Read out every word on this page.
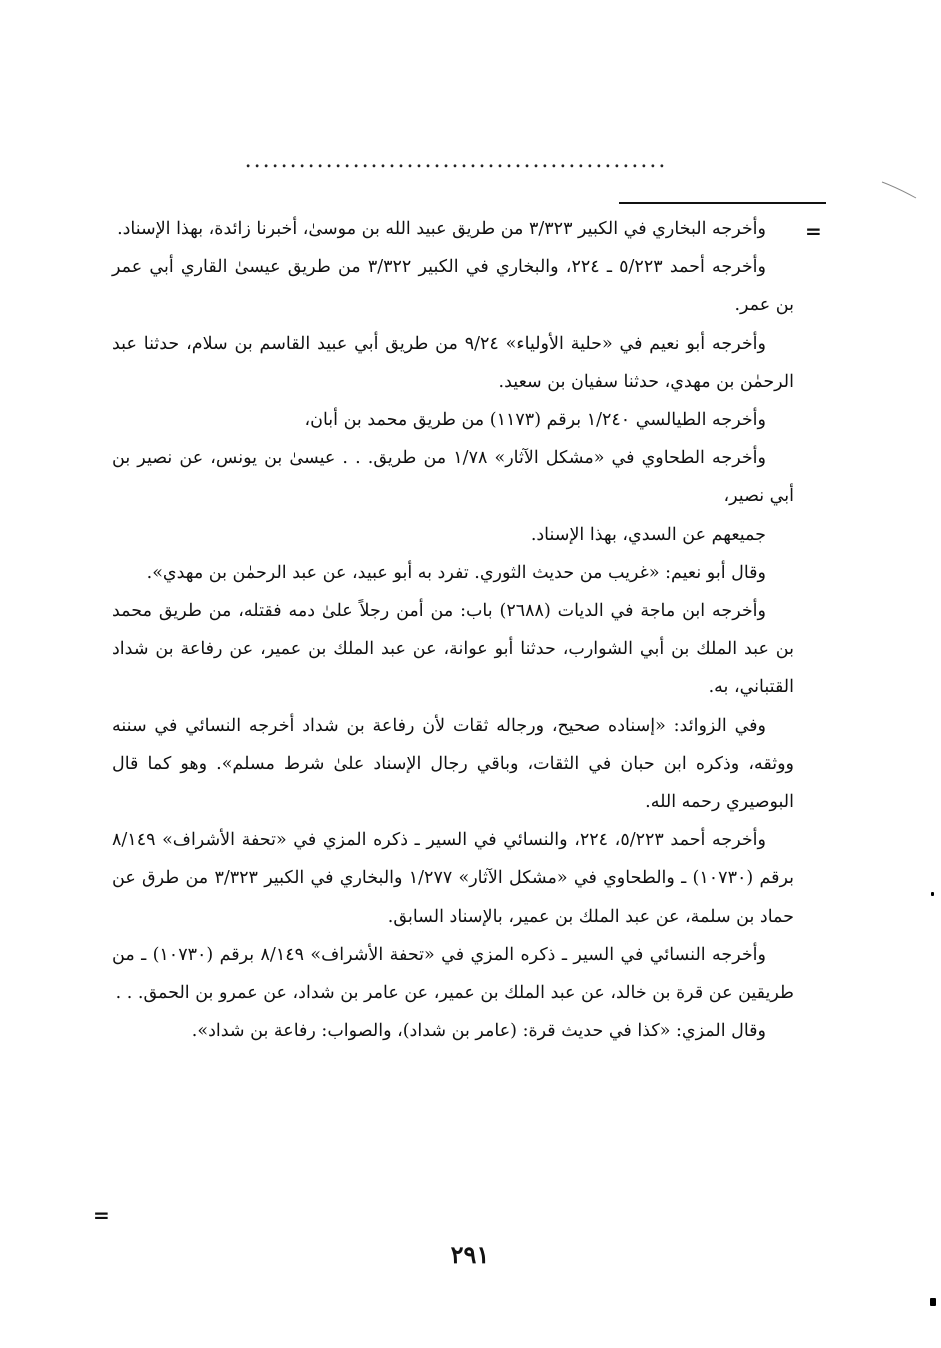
...............................................
=

وأخرجه البخاري في الكبير ٣/٣٢٣ من طريق عبيد الله بن موسىٰ، أخبرنا زائدة، بهذا الإسناد.

وأخرجه أحمد ٥/٢٢٣ ـ ٢٢٤، والبخاري في الكبير ٣/٣٢٢ من طريق عيسىٰ القاري أبي عمر بن عمر.

وأخرجه أبو نعيم في «حلية الأولياء» ٩/٢٤ من طريق أبي عبيد القاسم بن سلام، حدثنا عبد الرحمٰن بن مهدي، حدثنا سفيان بن سعيد.

وأخرجه الطيالسي ١/٢٤٠ برقم (١١٧٣) من طريق محمد بن أبان،

وأخرجه الطحاوي في «مشكل الآثار» ١/٧٨ من طريق. . . عيسىٰ بن يونس، عن نصير بن أبي نصير،

جميعهم عن السدي، بهذا الإسناد.

وقال أبو نعيم: «غريب من حديث الثوري. تفرد به أبو عبيد، عن عبد الرحمٰن بن مهدي».

وأخرجه ابن ماجة في الديات (٢٦٨٨) باب: من أمن رجلاً علىٰ دمه فقتله، من طريق محمد بن عبد الملك بن أبي الشوارب، حدثنا أبو عوانة، عن عبد الملك بن عمير، عن رفاعة بن شداد القتباني، به.

وفي الزوائد: «إسناده صحيح، ورجاله ثقات لأن رفاعة بن شداد أخرجه النسائي في سننه ووثقه، وذكره ابن حبان في الثقات، وباقي رجال الإسناد علىٰ شرط مسلم». وهو كما قال البوصيري رحمه الله.

وأخرجه أحمد ٥/٢٢٣، ٢٢٤، والنسائي في السير ـ ذكره المزي في «تحفة الأشراف» ٨/١٤٩ برقم (١٠٧٣٠) ـ والطحاوي في «مشكل الآثار» ١/٢٧٧ والبخاري في الكبير ٣/٣٢٣ من طرق عن حماد بن سلمة، عن عبد الملك بن عمير، بالإسناد السابق.

وأخرجه النسائي في السير ـ ذكره المزي في «تحفة الأشراف» ٨/١٤٩ برقم (١٠٧٣٠) ـ من طريقين عن قرة بن خالد، عن عبد الملك بن عمير، عن عامر بن شداد، عن عمرو بن الحمق. . .

وقال المزي: «كذا في حديث قرة: (عامر بن شداد)، والصواب: رفاعة بن شداد».

=
٢٩١
